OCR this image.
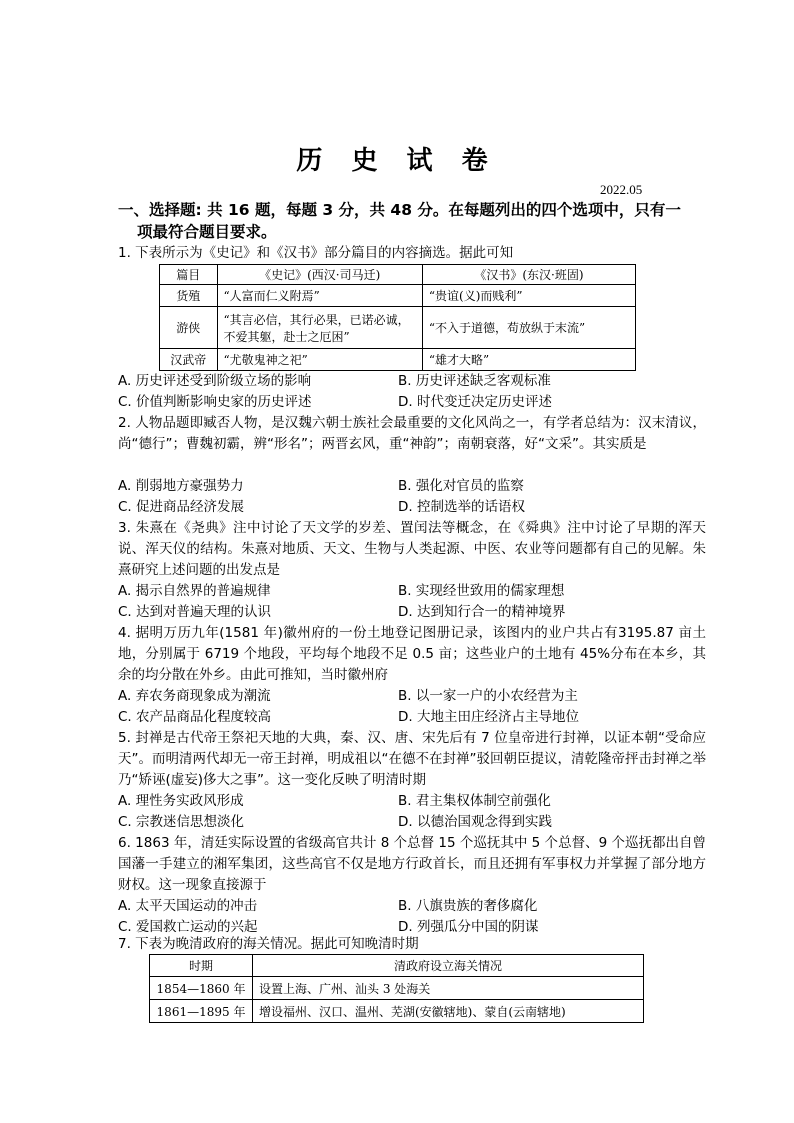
历 史 试 卷
2022.05
一、选择题: 共 16 题，每题 3 分，共 48 分。在每题列出的四个选项中，只有一
项最符合题目要求。
1. 下表所示为《史记》和《汉书》部分篇目的内容摘选。据此可知
篇目	《史记》(西汉·司马迁)	《汉书》(东汉·班固)
货殖	“人富而仁义附焉”	“贵谊(义)而贱利”
游侠	“其言必信，其行必果，已诺必诚，不爱其躯，赴士之厄困”	“不入于道德，苟放纵于末流”
汉武帝	“尤敬鬼神之祀”	“雄才大略”
A. 历史评述受到阶级立场的影响	B. 历史评述缺乏客观标准
C. 价值判断影响史家的历史评述	D. 时代变迁决定历史评述
2. 人物品题即臧否人物，是汉魏六朝士族社会最重要的文化风尚之一，有学者总结为：汉末清议，尚“德行”；曹魏初霸，辨“形名”；两晋玄风，重“神韵”；南朝衰落，好“文采”。其实质是
A. 削弱地方豪强势力	B. 强化对官员的监察
C. 促进商品经济发展	D. 控制选举的话语权
3. 朱熹在《尧典》注中讨论了天文学的岁差、置闰法等概念，在《舜典》注中讨论了早期的浑天说、浑天仪的结构。朱熹对地质、天文、生物与人类起源、中医、农业等问题都有自己的见解。朱熹研究上述问题的出发点是
A. 揭示自然界的普遍规律	B. 实现经世致用的儒家理想
C. 达到对普遍天理的认识	D. 达到知行合一的精神境界
4. 据明万历九年(1581 年)徽州府的一份土地登记图册记录，该图内的业户共占有3195.87 亩土地，分别属于 6719 个地段，平均每个地段不足 0.5 亩；这些业户的土地有 45%分布在本乡，其余的均分散在外乡。由此可推知，当时徽州府
A. 弃农务商现象成为潮流	B. 以一家一户的小农经营为主
C. 农产品商品化程度较高	D. 大地主田庄经济占主导地位
5. 封禅是古代帝王祭祀天地的大典，秦、汉、唐、宋先后有 7 位皇帝进行封禅，以证本朝“受命应天”。而明清两代却无一帝王封禅，明成祖以“在德不在封禅”驳回朝臣提议，清乾隆帝抨击封禅之举乃“矫诬(虚妄)侈大之事”。这一变化反映了明清时期
A. 理性务实政风形成	B. 君主集权体制空前强化
C. 宗教迷信思想淡化	D. 以德治国观念得到实践
6. 1863 年，清廷实际设置的省级高官共计 8 个总督 15 个巡抚其中 5 个总督、9 个巡抚都出自曾国藩一手建立的湘军集团，这些高官不仅是地方行政首长，而且还拥有军事权力并掌握了部分地方财权。这一现象直接源于
A. 太平天国运动的冲击	B. 八旗贵族的奢侈腐化
C. 爱国救亡运动的兴起	D. 列强瓜分中国的阴谋
7. 下表为晚清政府的海关情况。据此可知晚清时期
时期	清政府设立海关情况
1854—1860 年	设置上海、广州、汕头 3 处海关
1861—1895 年	增设福州、汉口、温州、芜湖(安徽辖地)、蒙自(云南辖地)
